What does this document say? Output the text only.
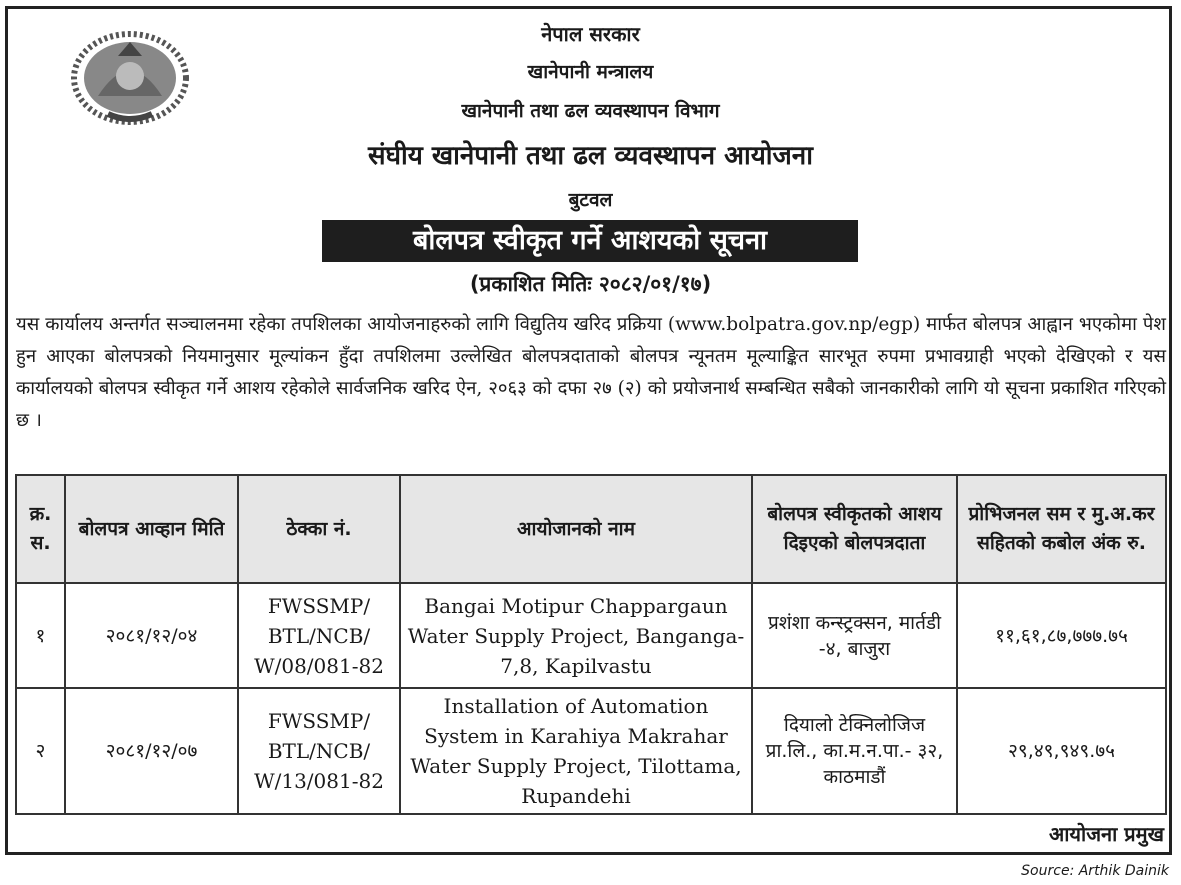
नेपाल सरकार
खानेपानी मन्त्रालय
खानेपानी तथा ढल व्यवस्थापन विभाग
संघीय खानेपानी तथा ढल व्यवस्थापन आयोजना
बुटवल
बोलपत्र स्वीकृत गर्ने आशयको सूचना
(प्रकाशित मितिः २०८२/०१/१७)
यस कार्यालय अन्तर्गत सञ्चालनमा रहेका तपशिलका आयोजनाहरुको लागि विद्युतिय खरिद प्रक्रिया (www.bolpatra.gov.np/egp) मार्फत बोलपत्र आह्वान भएकोमा पेश हुन आएका बोलपत्रको नियमानुसार मूल्यांकन हुँदा तपशिलमा उल्लेखित बोलपत्रदाताको बोलपत्र न्यूनतम मूल्याङ्कित सारभूत रुपमा प्रभावग्राही भएको देखिएको र यस कार्यालयको बोलपत्र स्वीकृत गर्ने आशय रहेकोले सार्वजनिक खरिद ऐन, २०६३ को दफा २७ (२) को प्रयोजनार्थ सम्बन्धित सबैको जानकारीको लागि यो सूचना प्रकाशित गरिएको छ ।
क्र. स.	बोलपत्र आव्हान मिति	ठेक्का नं.	आयोजानको नाम	बोलपत्र स्वीकृतको आशय दिइएको बोलपत्रदाता	प्रोभिजनल सम र मु.अ.कर सहितको कबोल अंक रु.
१	२०८१/१२/०४	FWSSMP/ BTL/NCB/ W/08/081-82	Bangai Motipur Chappargaun Water Supply Project, Banganga-7,8, Kapilvastu	प्रशंशा कन्स्ट्रक्सन, मार्तडी -४, बाजुरा	११,६१,८७,७७७.७५
२	२०८१/१२/०७	FWSSMP/ BTL/NCB/ W/13/081-82	Installation of Automation System in Karahiya Makrahar Water Supply Project, Tilottama, Rupandehi	दियालो टेक्निलोजिज प्रा.लि., का.म.न.पा.- ३२, काठमाडौं	२९,४९,९४९.७५
आयोजना प्रमुख
Source: Arthik Dainik
